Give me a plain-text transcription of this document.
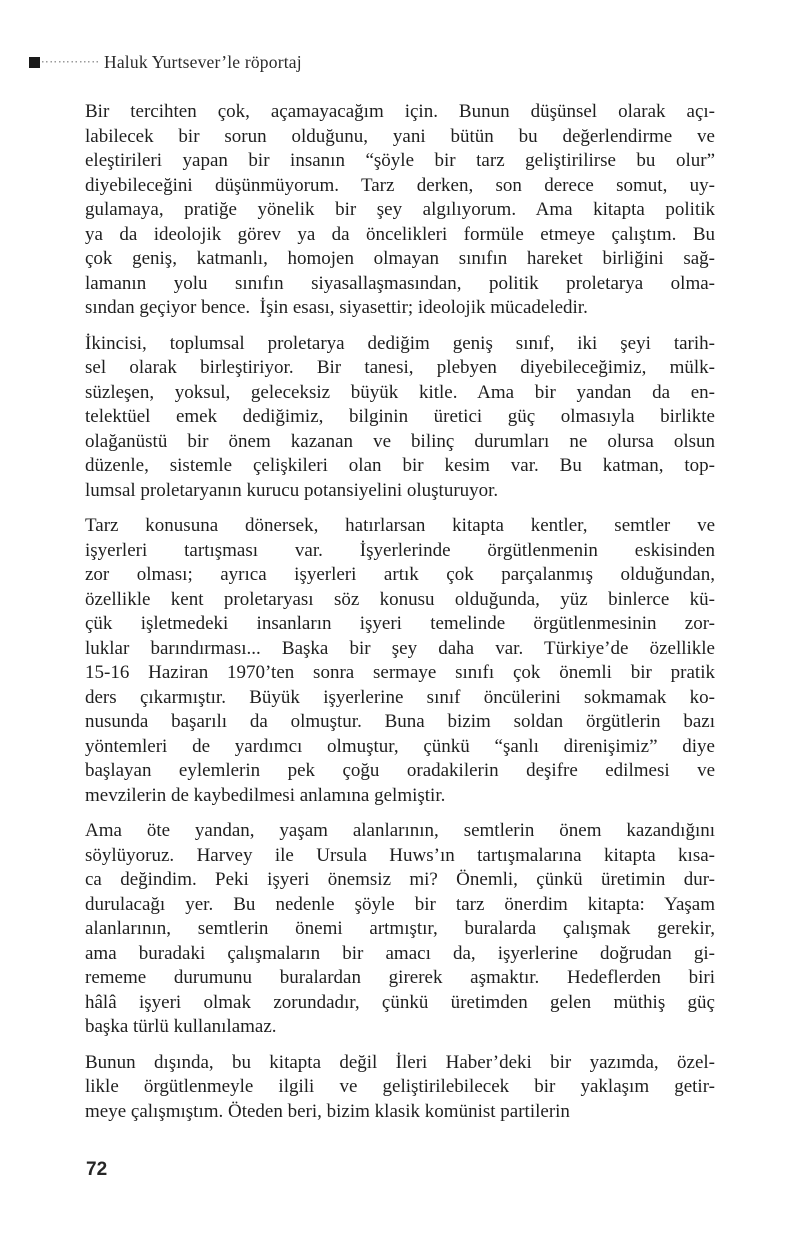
Haluk Yurtsever’le röportaj
Bir tercihten çok, açamayacağım için. Bunun düşünsel olarak açı-
labilecek bir sorun olduğunu, yani bütün bu değerlendirme ve
eleştirileri yapan bir insanın “şöyle bir tarz geliştirilirse bu olur”
diyebileceğini düşünmüyorum. Tarz derken, son derece somut, uy-
gulamaya, pratiğe yönelik bir şey algılıyorum. Ama kitapta politik
ya da ideolojik görev ya da öncelikleri formüle etmeye çalıştım. Bu
çok geniş, katmanlı, homojen olmayan sınıfın hareket birliğini sağ-
lamanın yolu sınıfın siyasallaşmasından, politik proletarya olma-
sından geçiyor bence.  İşin esası, siyasettir; ideolojik mücadeledir.
İkincisi, toplumsal proletarya dediğim geniş sınıf, iki şeyi tarih-
sel olarak birleştiriyor. Bir tanesi, plebyen diyebileceğimiz, mülk-
süzleşen, yoksul, geleceksiz büyük kitle. Ama bir yandan da en-
telektüel emek dediğimiz, bilginin üretici güç olmasıyla birlikte
olağanüstü bir önem kazanan ve bilinç durumları ne olursa olsun
düzenle, sistemle çelişkileri olan bir kesim var. Bu katman, top-
lumsal proletaryanın kurucu potansiyelini oluşturuyor.
Tarz konusuna dönersek, hatırlarsan kitapta kentler, semtler ve
işyerleri tartışması var. İşyerlerinde örgütlenmenin eskisinden
zor olması; ayrıca işyerleri artık çok parçalanmış olduğundan,
özellikle kent proletaryası söz konusu olduğunda, yüz binlerce kü-
çük işletmedeki insanların işyeri temelinde örgütlenmesinin zor-
luklar barındırması... Başka bir şey daha var. Türkiye’de özellikle
15-16 Haziran 1970’ten sonra sermaye sınıfı çok önemli bir pratik
ders çıkarmıştır. Büyük işyerlerine sınıf öncülerini sokmamak ko-
nusunda başarılı da olmuştur. Buna bizim soldan örgütlerin bazı
yöntemleri de yardımcı olmuştur, çünkü “şanlı direnişimiz” diye
başlayan eylemlerin pek çoğu oradakilerin deşifre edilmesi ve
mevzilerin de kaybedilmesi anlamına gelmiştir.
Ama öte yandan, yaşam alanlarının, semtlerin önem kazandığını
söylüyoruz. Harvey ile Ursula Huws’ın tartışmalarına kitapta kısa-
ca değindim. Peki işyeri önemsiz mi? Önemli, çünkü üretimin dur-
durulacağı yer. Bu nedenle şöyle bir tarz önerdim kitapta: Yaşam
alanlarının, semtlerin önemi artmıştır, buralarda çalışmak gerekir,
ama buradaki çalışmaların bir amacı da, işyerlerine doğrudan gi-
rememe durumunu buralardan girerek aşmaktır. Hedeflerden biri
hâlâ işyeri olmak zorundadır, çünkü üretimden gelen müthiş güç
başka türlü kullanılamaz.
Bunun dışında, bu kitapta değil İleri Haber’deki bir yazımda, özel-
likle örgütlenmeyle ilgili ve geliştirilebilecek bir yaklaşım getir-
meye çalışmıştım. Öteden beri, bizim klasik komünist partilerin
72
